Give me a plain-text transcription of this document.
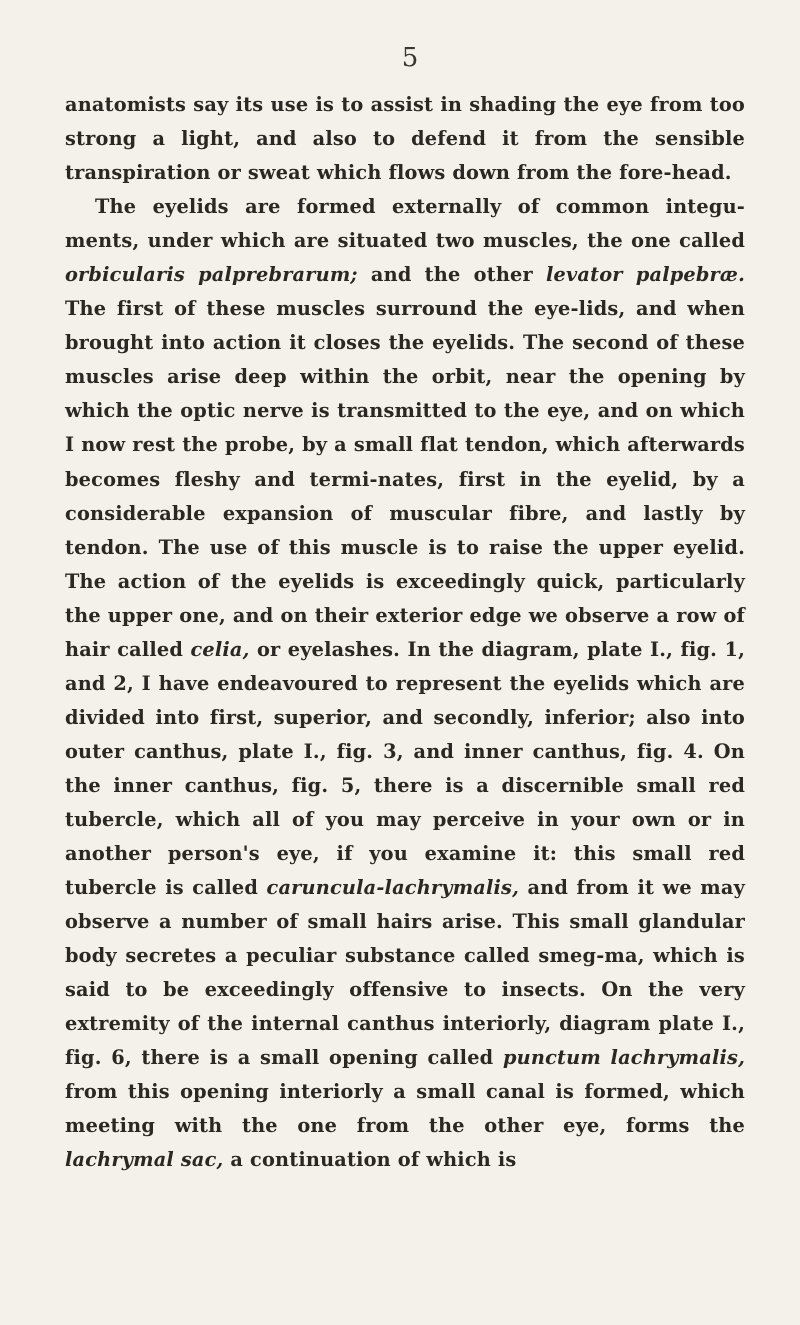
5

anatomists say its use is to assist in shading the eye from too strong a light, and also to defend it from the sensible transpiration or sweat which flows down from the fore-head.

The eyelids are formed externally of common integu-ments, under which are situated two muscles, the one called orbicularis palprebrarum; and the other levator palpebræ. The first of these muscles surround the eye-lids, and when brought into action it closes the eyelids. The second of these muscles arise deep within the orbit, near the opening by which the optic nerve is transmitted to the eye, and on which I now rest the probe, by a small flat tendon, which afterwards becomes fleshy and termi-nates, first in the eyelid, by a considerable expansion of muscular fibre, and lastly by tendon. The use of this muscle is to raise the upper eyelid. The action of the eyelids is exceedingly quick, particularly the upper one, and on their exterior edge we observe a row of hair called celia, or eyelashes. In the diagram, plate I., fig. 1, and 2, I have endeavoured to represent the eyelids which are divided into first, superior, and secondly, inferior; also into outer canthus, plate I., fig. 3, and inner canthus, fig. 4. On the inner canthus, fig. 5, there is a discernible small red tubercle, which all of you may perceive in your own or in another person's eye, if you examine it: this small red tubercle is called caruncula-lachrymalis, and from it we may observe a number of small hairs arise. This small glandular body secretes a peculiar substance called smeg-ma, which is said to be exceedingly offensive to insects. On the very extremity of the internal canthus interiorly, diagram plate I., fig. 6, there is a small opening called punctum lachrymalis, from this opening interiorly a small canal is formed, which meeting with the one from the other eye, forms the lachrymal sac, a continuation of which is
